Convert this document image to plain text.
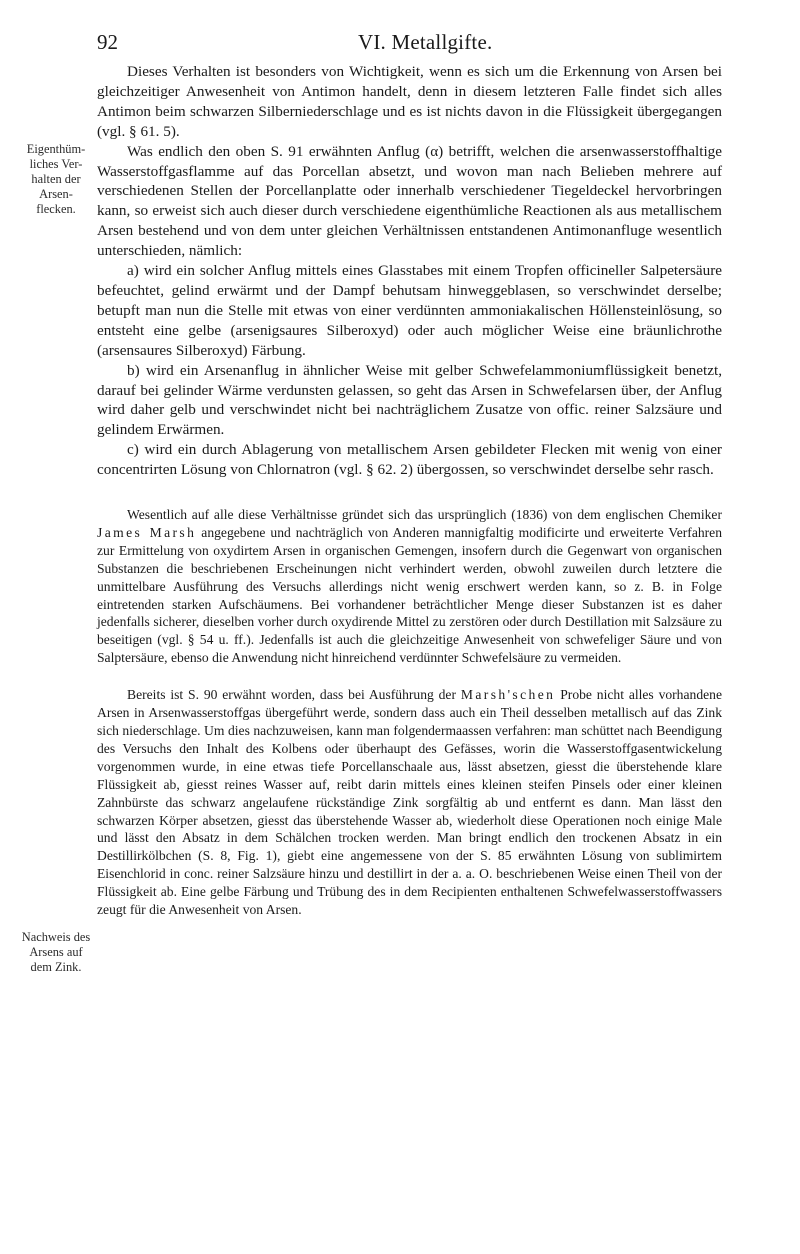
92	VI. Metallgifte.
Eigenthüm- liches Ver- halten der Arsen- flecken.
Nachweis des Arsens auf dem Zink.

Dieses Verhalten ist besonders von Wichtigkeit, wenn es sich um die Erkennung von Arsen bei gleichzeitiger Anwesenheit von Antimon handelt, denn in diesem letzteren Falle findet sich alles Antimon beim schwarzen Silberniederschlage und es ist nichts davon in die Flüssigkeit übergegangen (vgl. § 61. 5).

Was endlich den oben S. 91 erwähnten Anflug (α) betrifft, welchen die arsenwasserstoffhaltige Wasserstoffgasflamme auf das Porcellan absetzt, und wovon man nach Belieben mehrere auf verschiedenen Stellen der Porcellanplatte oder innerhalb verschiedener Tiegeldeckel hervorbringen kann, so erweist sich auch dieser durch verschiedene eigenthümliche Reactionen als aus metallischem Arsen bestehend und von dem unter gleichen Verhältnissen entstandenen Antimonanfluge wesentlich unterschieden, nämlich:

a) wird ein solcher Anflug mittels eines Glasstabes mit einem Tropfen officineller Salpetersäure befeuchtet, gelind erwärmt und der Dampf behutsam hinweggeblasen, so verschwindet derselbe; betupft man nun die Stelle mit etwas von einer verdünnten ammoniakalischen Höllensteinlösung, so entsteht eine gelbe (arsenigsaures Silberoxyd) oder auch möglicher Weise eine bräunlichrothe (arsensaures Silberoxyd) Färbung.

b) wird ein Arsenanflug in ähnlicher Weise mit gelber Schwefelammoniumflüssigkeit benetzt, darauf bei gelinder Wärme verdunsten gelassen, so geht das Arsen in Schwefelarsen über, der Anflug wird daher gelb und verschwindet nicht bei nachträglichem Zusatze von offic. reiner Salzsäure und gelindem Erwärmen.

c) wird ein durch Ablagerung von metallischem Arsen gebildeter Flecken mit wenig von einer concentrirten Lösung von Chlornatron (vgl. § 62. 2) übergossen, so verschwindet derselbe sehr rasch.

Wesentlich auf alle diese Verhältnisse gründet sich das ursprünglich (1836) von dem englischen Chemiker James Marsh angegebene und nachträglich von Anderen mannigfaltig modificirte und erweiterte Verfahren zur Ermittelung von oxydirtem Arsen in organischen Gemengen, insofern durch die Gegenwart von organischen Substanzen die beschriebenen Erscheinungen nicht verhindert werden, obwohl zuweilen durch letztere die unmittelbare Ausführung des Versuchs allerdings nicht wenig erschwert werden kann, so z. B. in Folge eintretenden starken Aufschäumens. Bei vorhandener beträchtlicher Menge dieser Substanzen ist es daher jedenfalls sicherer, dieselben vorher durch oxydirende Mittel zu zerstören oder durch Destillation mit Salzsäure zu beseitigen (vgl. § 54 u. ff.). Jedenfalls ist auch die gleichzeitige Anwesenheit von schwefeliger Säure und von Salptersäure, ebenso die Anwendung nicht hinreichend verdünnter Schwefelsäure zu vermeiden.

Bereits ist S. 90 erwähnt worden, dass bei Ausführung der Marsh'schen Probe nicht alles vorhandene Arsen in Arsenwasserstoffgas übergeführt werde, sondern dass auch ein Theil desselben metallisch auf das Zink sich niederschlage. Um dies nachzuweisen, kann man folgendermaassen verfahren: man schüttet nach Beendigung des Versuchs den Inhalt des Kolbens oder überhaupt des Gefässes, worin die Wasserstoffgasentwickelung vorgenommen wurde, in eine etwas tiefe Porcellanschaale aus, lässt absetzen, giesst die überstehende klare Flüssigkeit ab, giesst reines Wasser auf, reibt darin mittels eines kleinen steifen Pinsels oder einer kleinen Zahnbürste das schwarz angelaufene rückständige Zink sorgfältig ab und entfernt es dann. Man lässt den schwarzen Körper absetzen, giesst das überstehende Wasser ab, wiederholt diese Operationen noch einige Male und lässt den Absatz in dem Schälchen trocken werden. Man bringt endlich den trockenen Absatz in ein Destillirkölbchen (S. 8, Fig. 1), giebt eine angemessene von der S. 85 erwähnten Lösung von sublimirtem Eisenchlorid in conc. reiner Salzsäure hinzu und destillirt in der a. a. O. beschriebenen Weise einen Theil von der Flüssigkeit ab. Eine gelbe Färbung und Trübung des in dem Recipienten enthaltenen Schwefelwasserstoffwassers zeugt für die Anwesenheit von Arsen.
